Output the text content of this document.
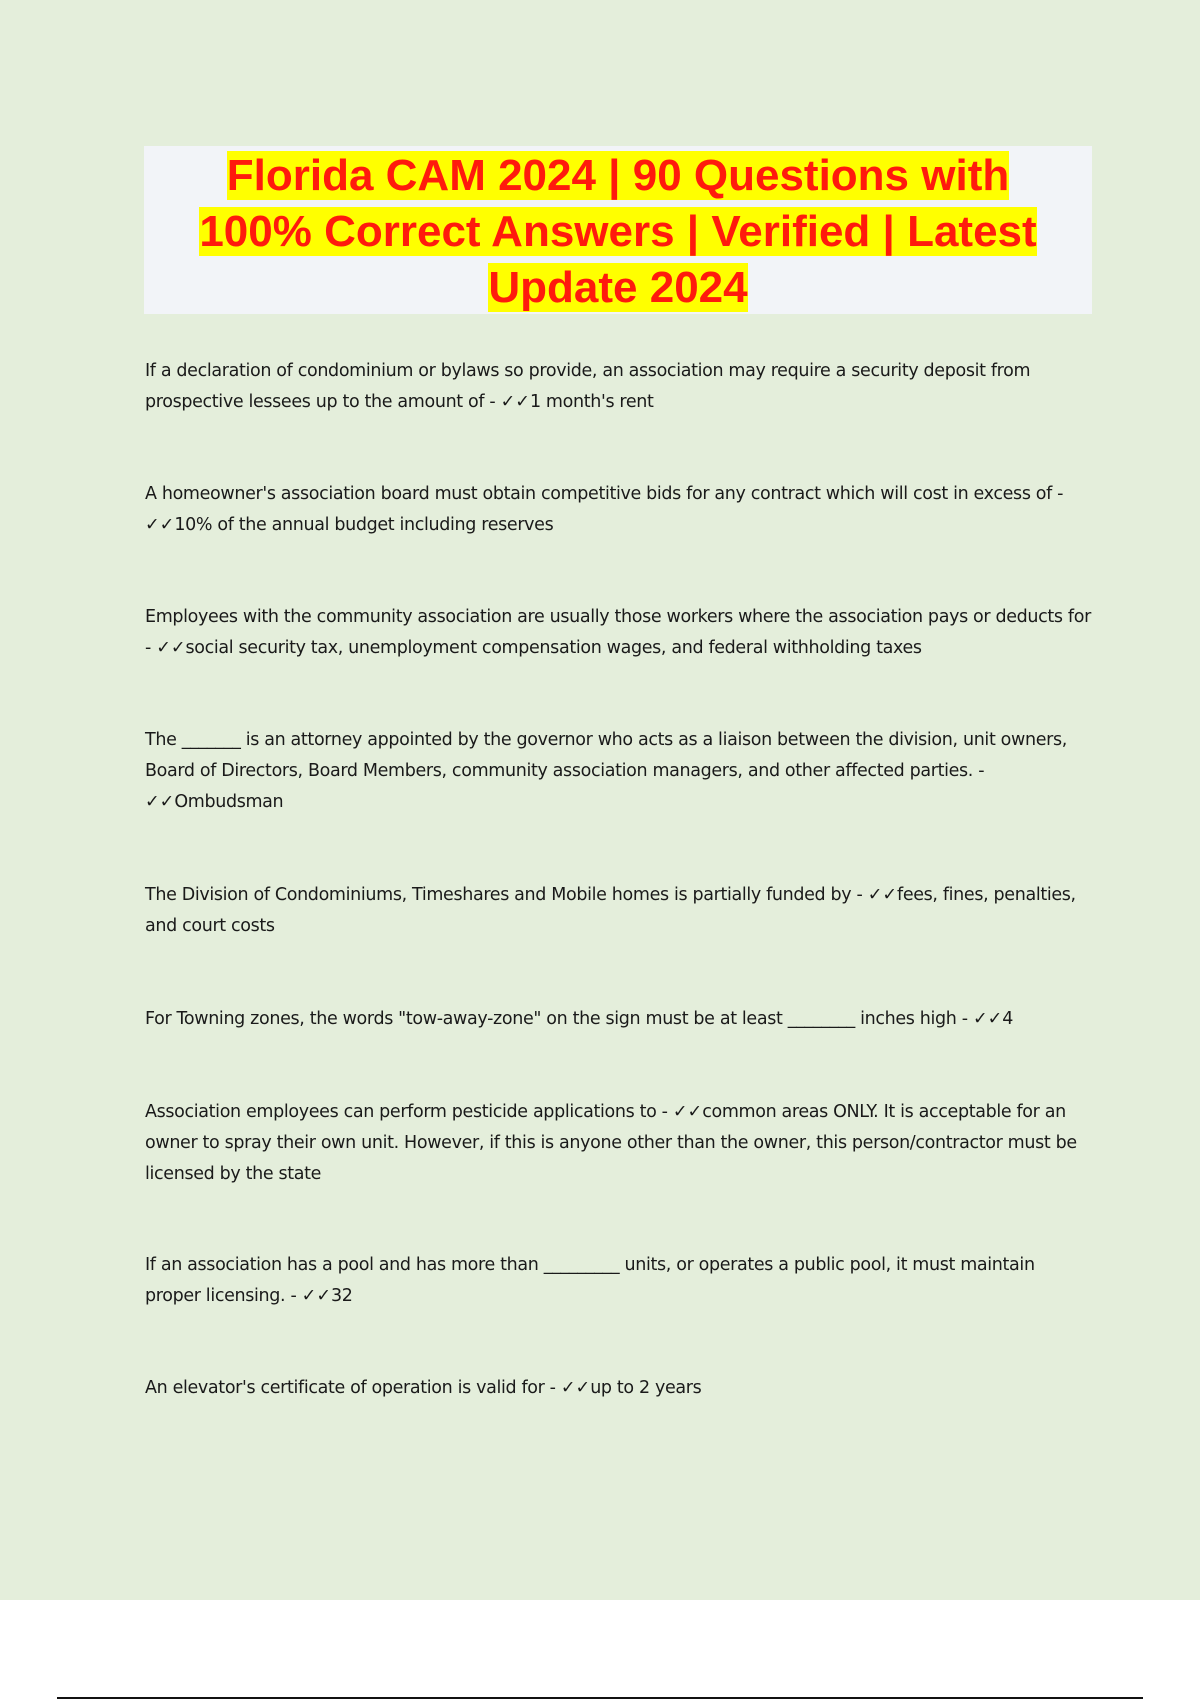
Florida CAM 2024 | 90 Questions with
100% Correct Answers | Verified | Latest
Update 2024

If a declaration of condominium or bylaws so provide, an association may require a security deposit from prospective lessees up to the amount of - ✓✓1 month's rent

A homeowner's association board must obtain competitive bids for any contract which will cost in excess of - ✓✓10% of the annual budget including reserves

Employees with the community association are usually those workers where the association pays or deducts for - ✓✓social security tax, unemployment compensation wages, and federal withholding taxes

The _______ is an attorney appointed by the governor who acts as a liaison between the division, unit owners, Board of Directors, Board Members, community association managers, and other affected parties. - ✓✓Ombudsman

The Division of Condominiums, Timeshares and Mobile homes is partially funded by - ✓✓fees, fines, penalties, and court costs

For Towning zones, the words "tow-away-zone" on the sign must be at least ________ inches high - ✓✓4

Association employees can perform pesticide applications to - ✓✓common areas ONLY. It is acceptable for an owner to spray their own unit. However, if this is anyone other than the owner, this person/contractor must be licensed by the state

If an association has a pool and has more than _________ units, or operates a public pool, it must maintain proper licensing. - ✓✓32

An elevator's certificate of operation is valid for - ✓✓up to 2 years
